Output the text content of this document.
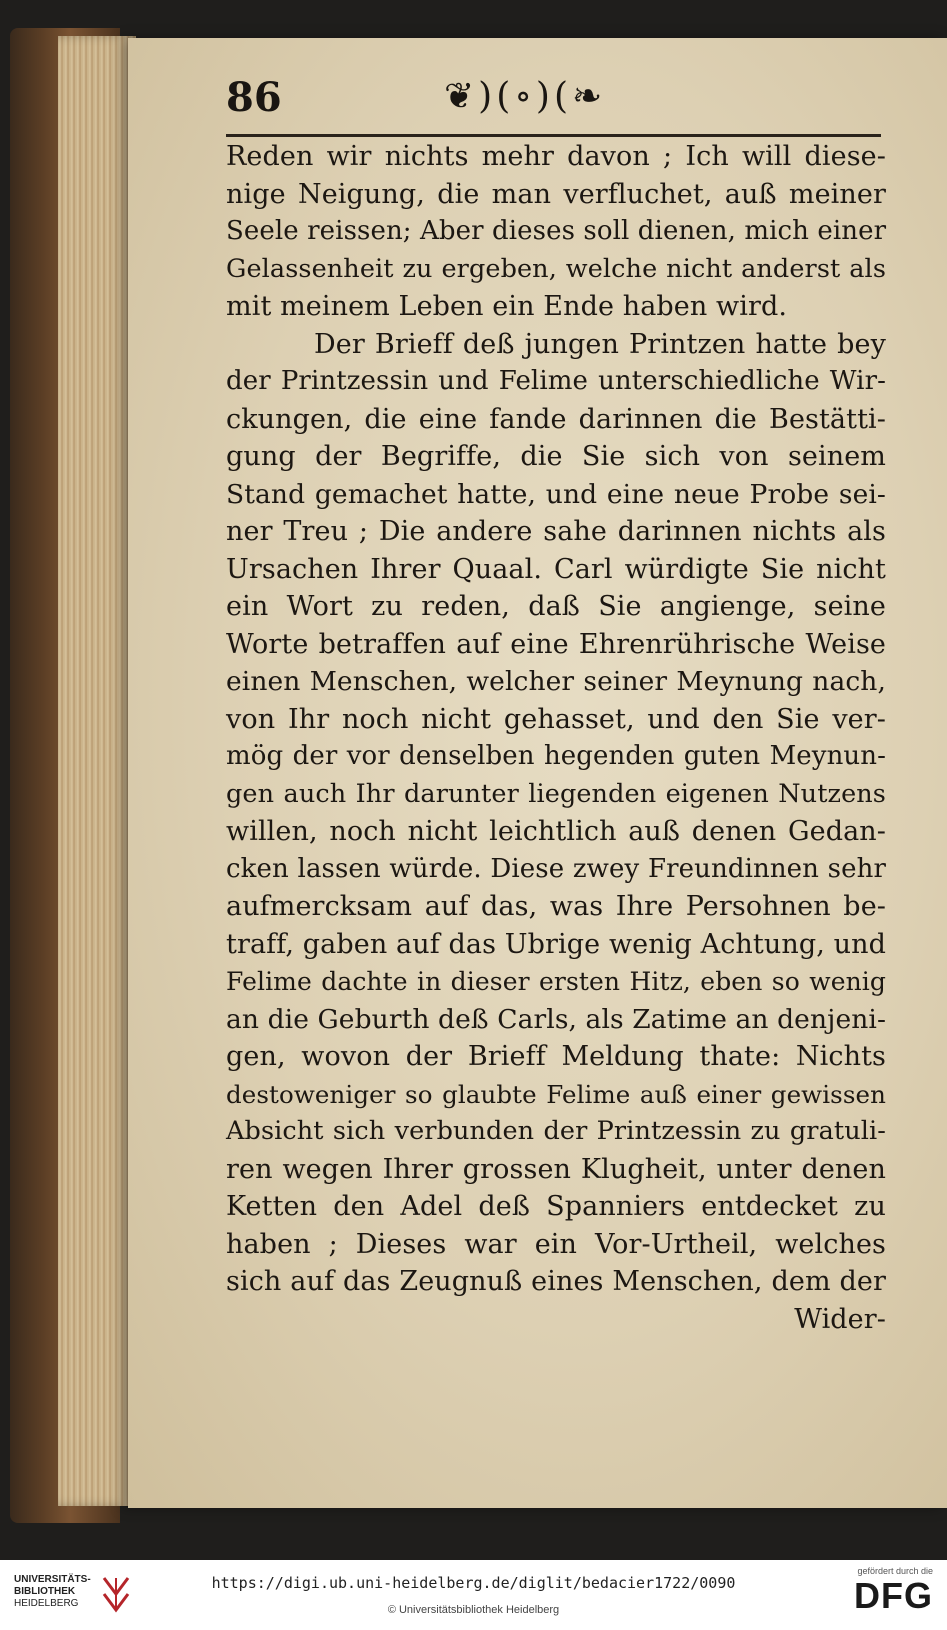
86	❦)(∘)(❧
Reden wir nichts mehr davon ; Ich will diese‑
nige Neigung, die man verfluchet, auß meiner
Seele reissen; Aber dieses soll dienen, mich einer
Gelassenheit zu ergeben, welche nicht anderst als
mit meinem Leben ein Ende haben wird.
Der Brieff deß jungen Printzen hatte bey
der Printzessin und Felime unterschiedliche Wir‑
ckungen, die eine fande darinnen die Bestätti‑
gung der Begriffe, die Sie sich von seinem
Stand gemachet hatte, und eine neue Probe sei‑
ner Treu ; Die andere sahe darinnen nichts als
Ursachen Ihrer Quaal. Carl würdigte Sie nicht
ein Wort zu reden, daß Sie angienge, seine
Worte betraffen auf eine Ehrenrührische Weise
einen Menschen, welcher seiner Meynung nach,
von Ihr noch nicht gehasset, und den Sie ver‑
mög der vor denselben hegenden guten Meynun‑
gen auch Ihr darunter liegenden eigenen Nutzens
willen, noch nicht leichtlich auß denen Gedan‑
cken lassen würde. Diese zwey Freundinnen sehr
aufmercksam auf das, was Ihre Persohnen be‑
traff, gaben auf das Ubrige wenig Achtung, und
Felime dachte in dieser ersten Hitz, eben so wenig
an die Geburth deß Carls, als Zatime an denjeni‑
gen, wovon der Brieff Meldung thate: Nichts
destoweniger so glaubte Felime auß einer gewissen
Absicht sich verbunden der Printzessin zu gratuli‑
ren wegen Ihrer grossen Klugheit, unter denen
Ketten den Adel deß Spanniers entdecket zu
haben ; Dieses war ein Vor‑Urtheil, welches
sich auf das Zeugnuß eines Menschen, dem der
Wider‑
UNIVERSITÄTS-
BIBLIOTHEK
HEIDELBERG
https://digi.ub.uni-heidelberg.de/diglit/bedacier1722/0090
© Universitätsbibliothek Heidelberg
gefördert durch die
DFG
